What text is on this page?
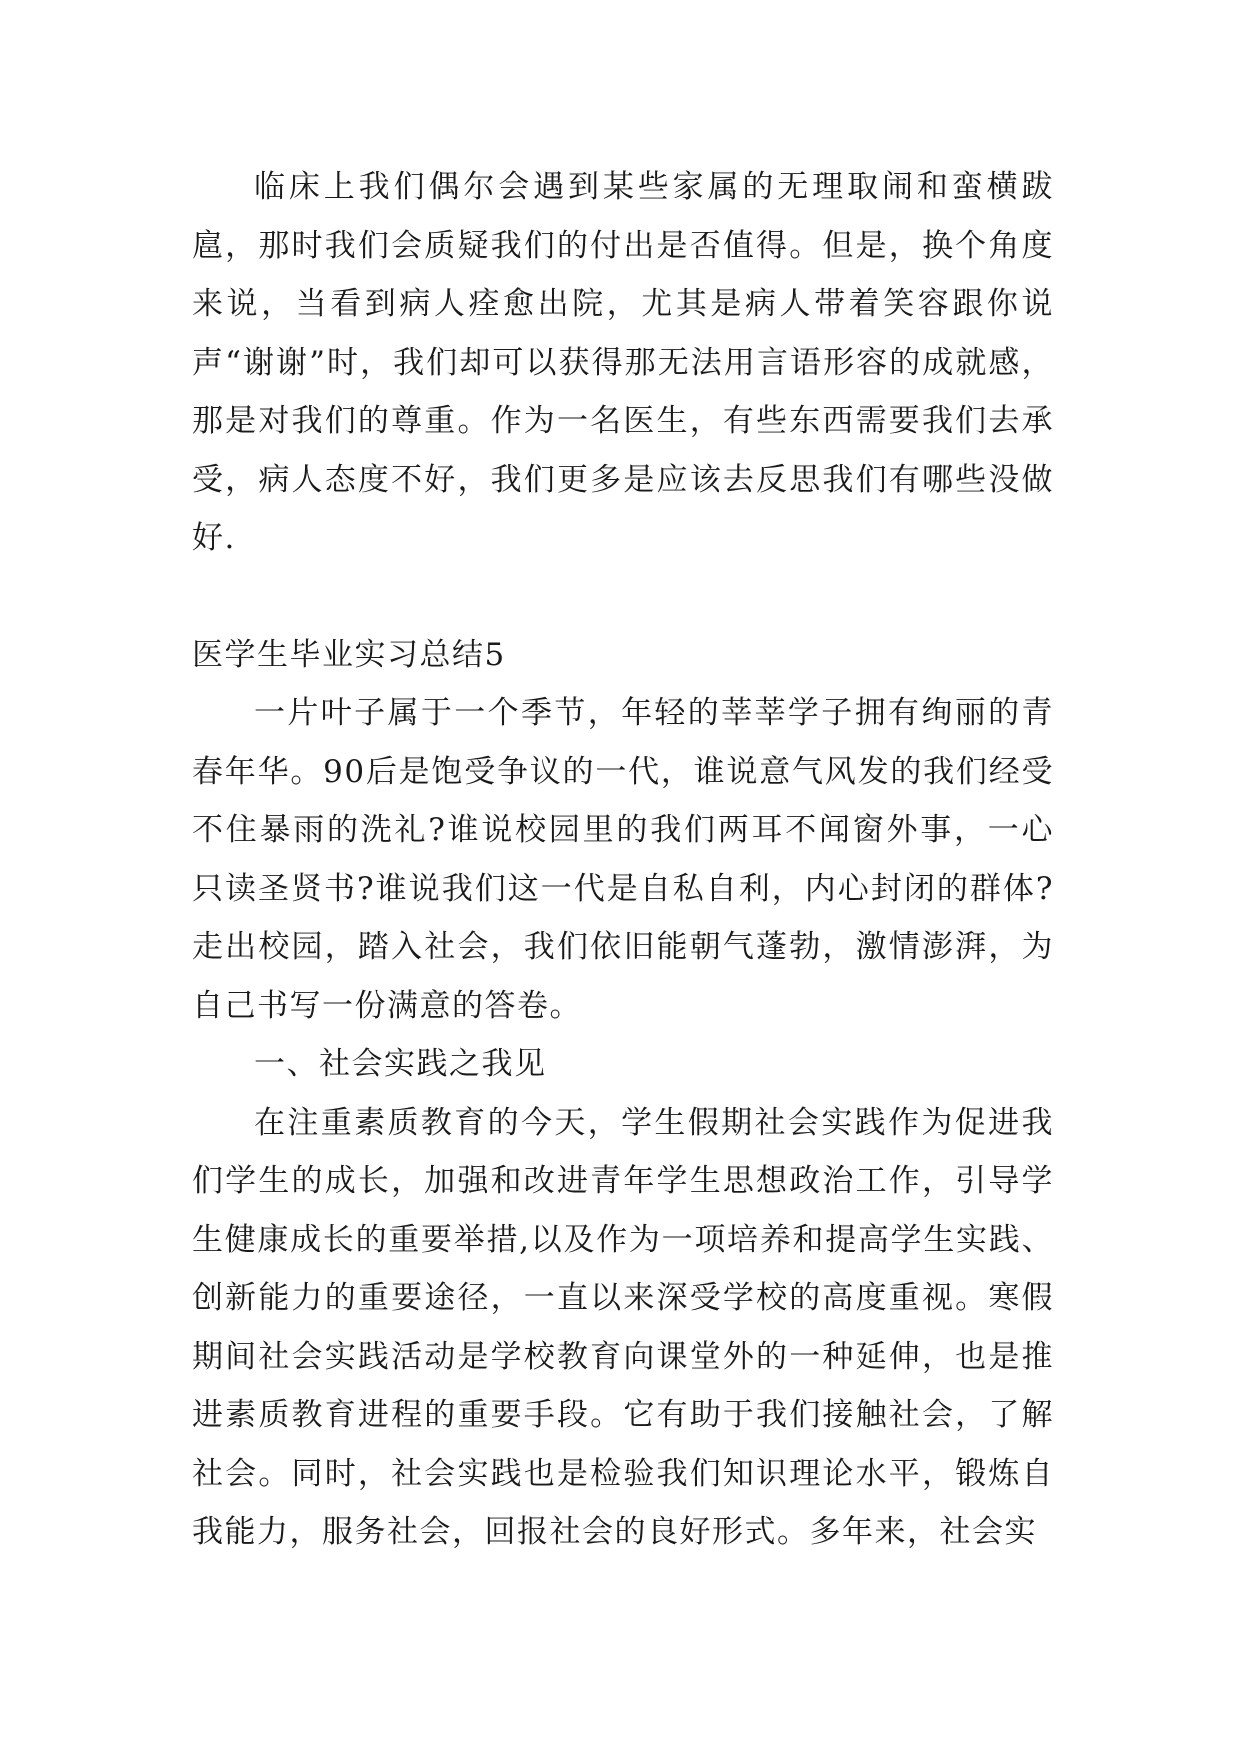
临床上我们偶尔会遇到某些家属的无理取闹和蛮横跋扈，那时我们会质疑我们的付出是否值得。但是，换个角度来说，当看到病人痊愈出院，尤其是病人带着笑容跟你说声“谢谢”时，我们却可以获得那无法用言语形容的成就感，那是对我们的尊重。作为一名医生，有些东西需要我们去承受，病人态度不好，我们更多是应该去反思我们有哪些没做好.

医学生毕业实习总结5

一片叶子属于一个季节，年轻的莘莘学子拥有绚丽的青春年华。90后是饱受争议的一代，谁说意气风发的我们经受不住暴雨的洗礼?谁说校园里的我们两耳不闻窗外事，一心只读圣贤书?谁说我们这一代是自私自利，内心封闭的群体?走出校园，踏入社会，我们依旧能朝气蓬勃，激情澎湃，为自己书写一份满意的答卷。

一、社会实践之我见

在注重素质教育的今天，学生假期社会实践作为促进我们学生的成长，加强和改进青年学生思想政治工作，引导学生健康成长的重要举措,以及作为一项培养和提高学生实践、创新能力的重要途径，一直以来深受学校的高度重视。寒假期间社会实践活动是学校教育向课堂外的一种延伸，也是推进素质教育进程的重要手段。它有助于我们接触社会，了解社会。同时，社会实践也是检验我们知识理论水平，锻炼自我能力，服务社会，回报社会的良好形式。多年来，社会实
